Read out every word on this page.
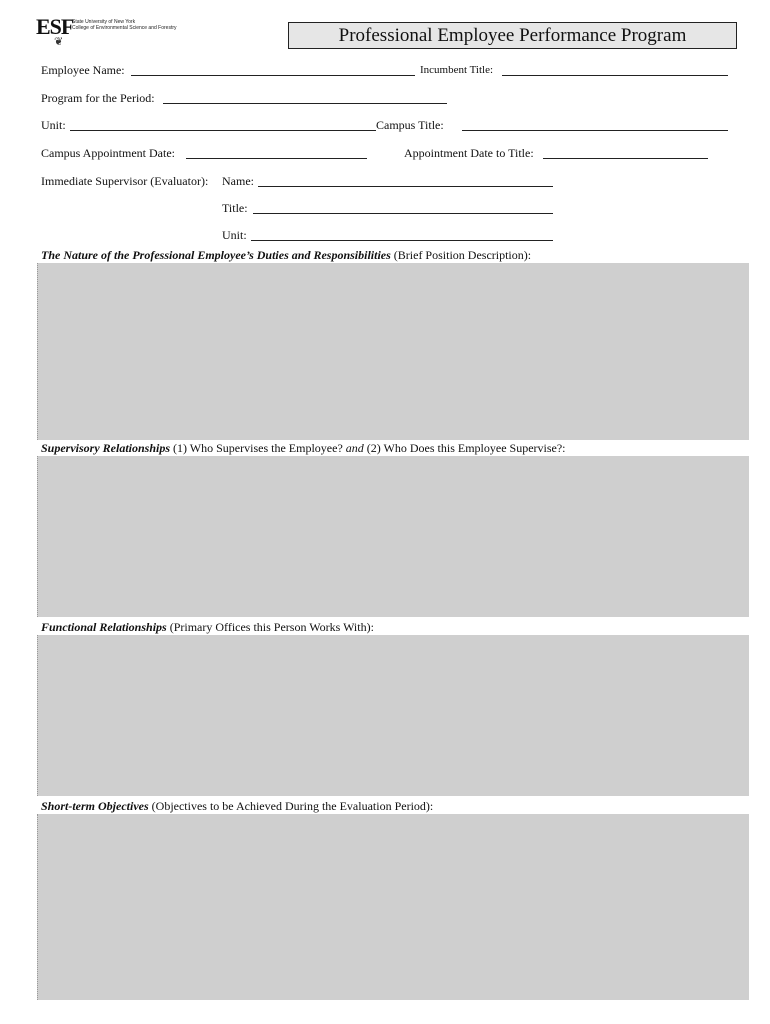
ESF
❦
State University of New York
College of Environmental Science and Forestry	Professional Employee Performance Program
Employee Name:	Incumbent Title:
Program for the Period:
Unit:	Campus Title:
Campus Appointment Date:	Appointment Date to Title:
Immediate Supervisor (Evaluator): Name:
Title:
Unit:
The Nature of the Professional Employee’s Duties and Responsibilities (Brief Position Description):
Supervisory Relationships (1) Who Supervises the Employee? and (2) Who Does this Employee Supervise?:
Functional Relationships (Primary Offices this Person Works With):
Short-term Objectives (Objectives to be Achieved During the Evaluation Period):
